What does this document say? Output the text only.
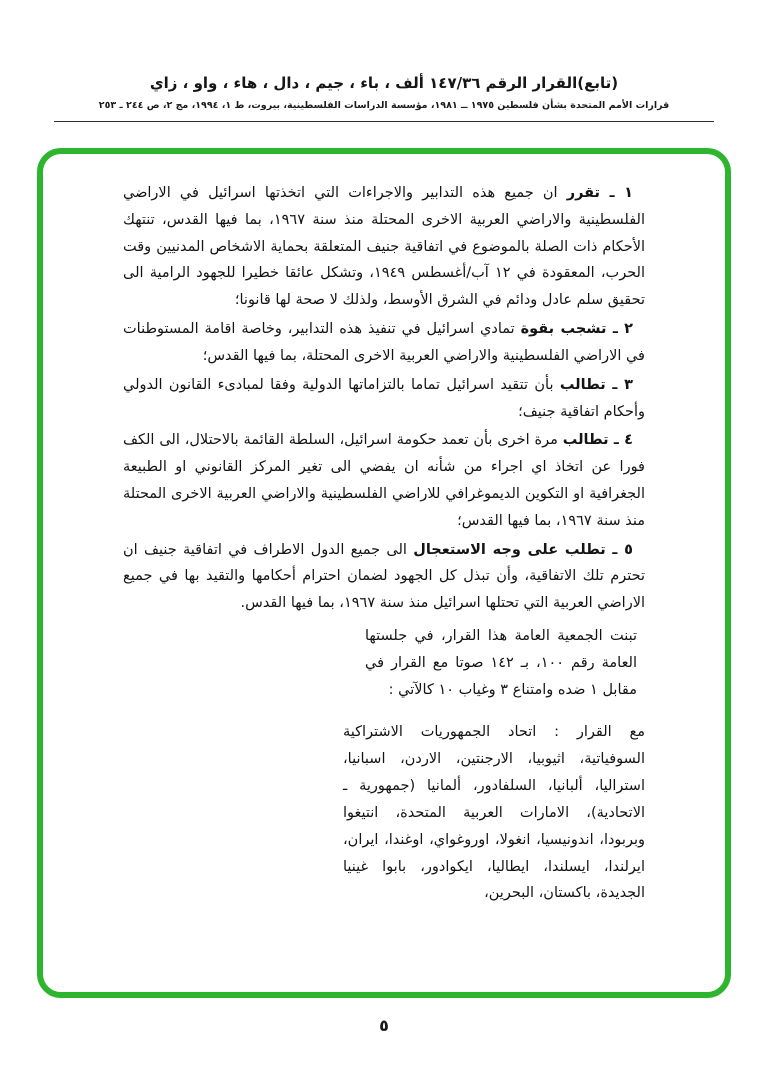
(تابع)القرار الرقم ١٤٧/٣٦ ألف ، باء ، جيم ، دال ، هاء ، واو ، زاي
قرارات الأمم المتحدة بشأن فلسطين ١٩٧٥ ــ ١٩٨١، مؤسسة الدراسات الفلسطينية، بيروت، ط ١، ١٩٩٤، مج ٢، ص ٢٤٤ ـ ٢٥٣

١ ـ تقرر ان جميع هذه التدابير والاجراءات التي اتخذتها اسرائيل في الاراضي الفلسطينية والاراضي العربية الاخرى المحتلة منذ سنة ١٩٦٧، بما فيها القدس، تنتهك الأحكام ذات الصلة بالموضوع في اتفاقية جنيف المتعلقة بحماية الاشخاص المدنيين وقت الحرب، المعقودة في ١٢ آب/أغسطس ١٩٤٩، وتشكل عائقا خطيرا للجهود الرامية الى تحقيق سلم عادل ودائم في الشرق الأوسط، ولذلك لا صحة لها قانونا؛

٢ ـ تشجب بقوة تمادي اسرائيل في تنفيذ هذه التدابير، وخاصة اقامة المستوطنات في الاراضي الفلسطينية والاراضي العربية الاخرى المحتلة، بما فيها القدس؛

٣ ـ تطالب بأن تتقيد اسرائيل تماما بالتزاماتها الدولية وفقا لمبادىء القانون الدولي وأحكام اتفاقية جنيف؛

٤ ـ تطالب مرة اخرى بأن تعمد حكومة اسرائيل، السلطة القائمة بالاحتلال، الى الكف فورا عن اتخاذ اي اجراء من شأنه ان يفضي الى تغير المركز القانوني او الطبيعة الجغرافية او التكوين الديموغرافي للاراضي الفلسطينية والاراضي العربية الاخرى المحتلة منذ سنة ١٩٦٧، بما فيها القدس؛

٥ ـ تطلب على وجه الاستعجال الى جميع الدول الاطراف في اتفاقية جنيف ان تحترم تلك الاتفاقية، وأن تبذل كل الجهود لضمان احترام أحكامها والتقيد بها في جميع الاراضي العربية التي تحتلها اسرائيل منذ سنة ١٩٦٧، بما فيها القدس.

تبنت الجمعية العامة هذا القرار، في جلستها العامة رقم ١٠٠، بـ ١٤٢ صوتا مع القرار في مقابل ١ ضده وامتناع ٣ وغياب ١٠ كالآتي :
مع القرار : اتحاد الجمهوريات الاشتراكية السوفياتية، اثيوبيا، الارجنتين، الاردن، اسبانيا، استراليا، ألبانيا، السلفادور، ألمانيا (جمهورية ـ الاتحادية)، الامارات العربية المتحدة، انتيغوا وبربودا، اندونيسيا، انغولا، اوروغواي، اوغندا، ايران، ايرلندا، ايسلندا، ايطاليا، ايكوادور، بابوا غينيا الجديدة، باكستان، البحرين،
٥
